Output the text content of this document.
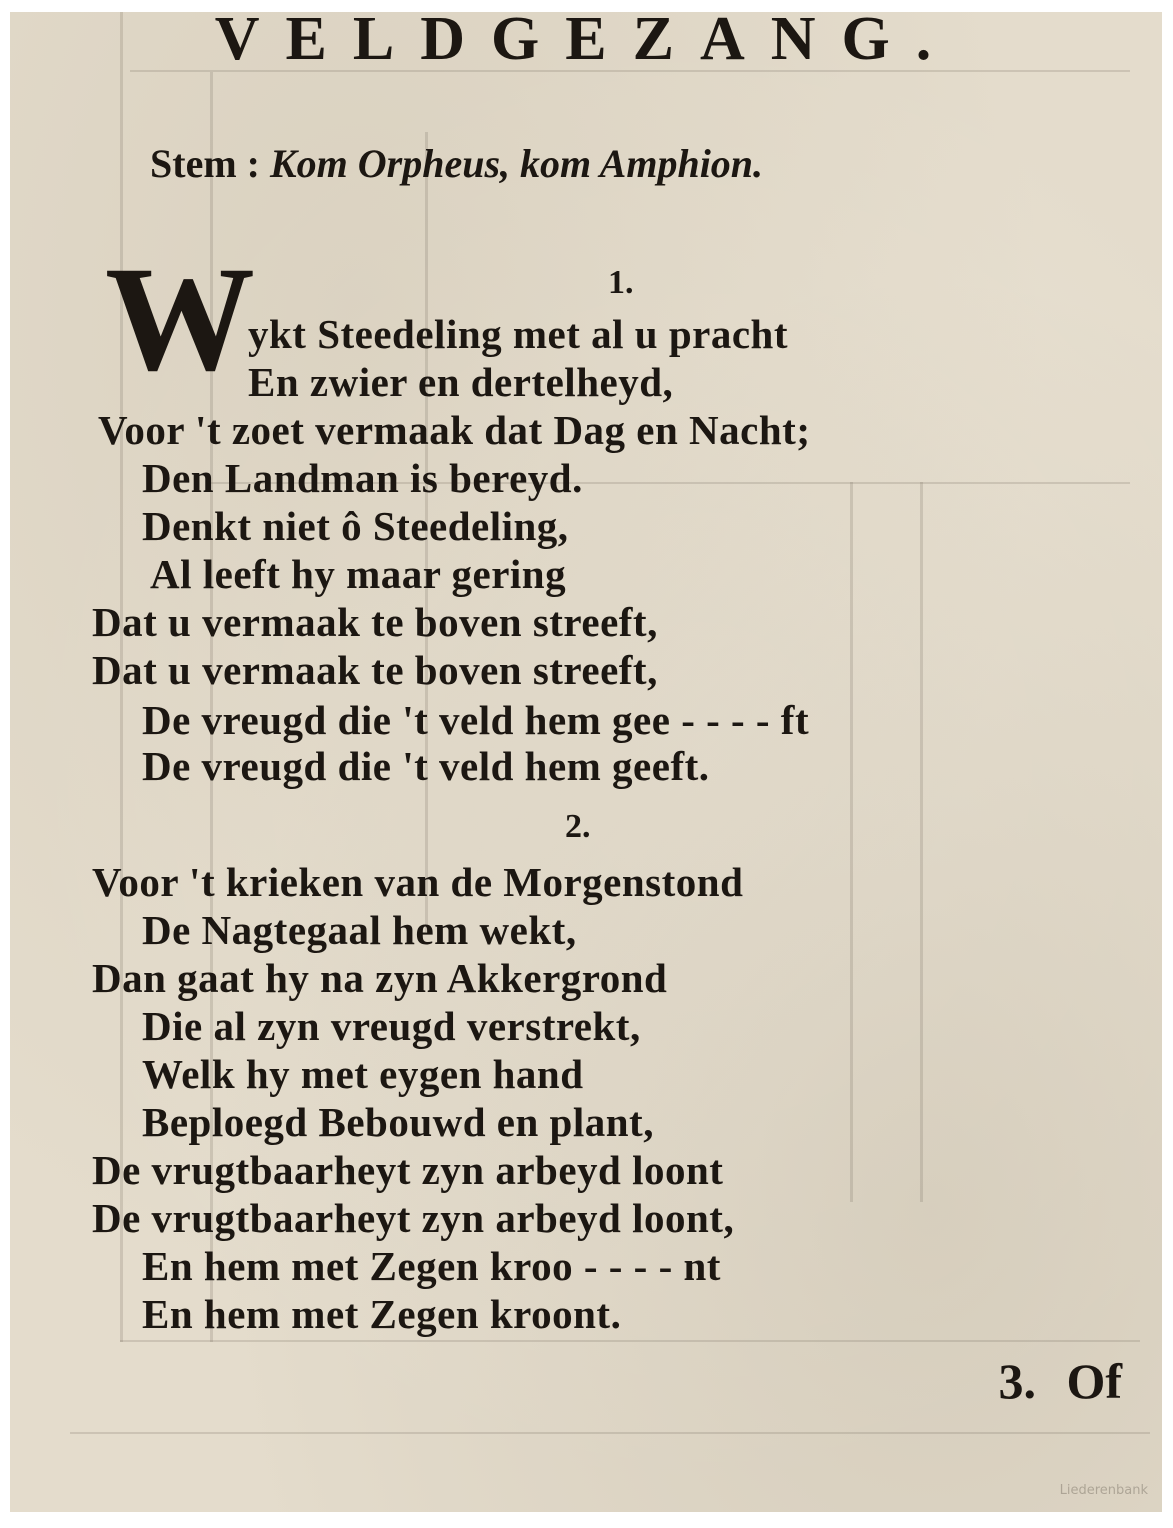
VELDGEZANG.
Stem : Kom Orpheus, kom Amphion.
1.
W
ykt Steedeling met al u pracht
En zwier en dertelheyd,
Voor 't zoet vermaak dat Dag en Nacht;
Den Landman is bereyd.
Denkt niet ô Steedeling,
Al leeft hy maar gering
Dat u vermaak te boven streeft,
Dat u vermaak te boven streeft,
De vreugd die 't veld hem gee - - - - ft
De vreugd die 't veld hem geeft.
2.
Voor 't krieken van de Morgenstond
De Nagtegaal hem wekt,
Dan gaat hy na zyn Akkergrond
Die al zyn vreugd verstrekt,
Welk hy met eygen hand
Beploegd Bebouwd en plant,
De vrugtbaarheyt zyn arbeyd loont
De vrugtbaarheyt zyn arbeyd loont,
En hem met Zegen kroo - - - - nt
En hem met Zegen kroont.
3. Of
Liederenbank
